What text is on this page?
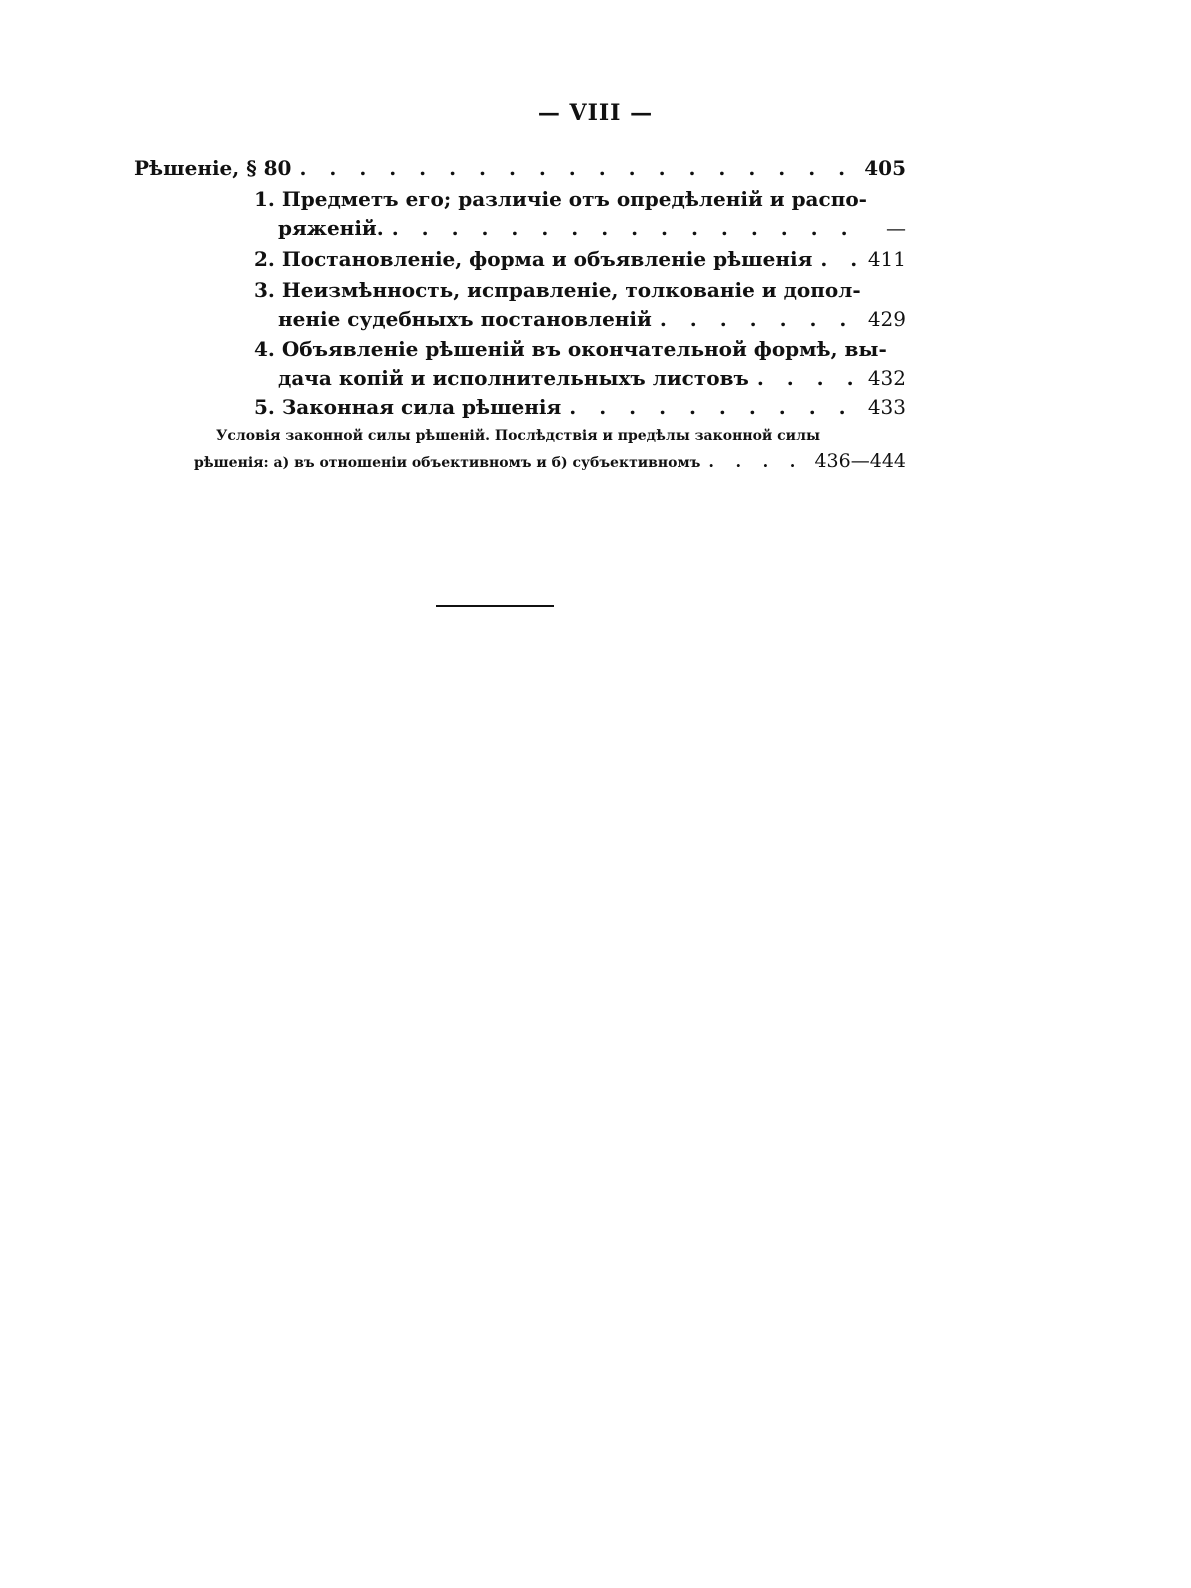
— VIII —
Рѣшеніе, § 80 . . .	405
1. Предметъ его; различіе отъ опредѣленій и распо-
ряженій. . . .	—
2. Постановленіе, форма и объявленіе рѣшенія . . .	411
3. Неизмѣнность, исправленіе, толкованіе и допол-
неніе судебныхъ постановленій . . .	429
4. Объявленіе рѣшеній въ окончательной формѣ, вы-
дача копій и исполнительныхъ листовъ . . .	432
5. Законная сила рѣшенія . . .	433
Условія законной силы рѣшеній. Послѣдствія и предѣлы законной силы
рѣшенія: а) въ отношеніи объективномъ и б) субъективномъ . . .	436—444
